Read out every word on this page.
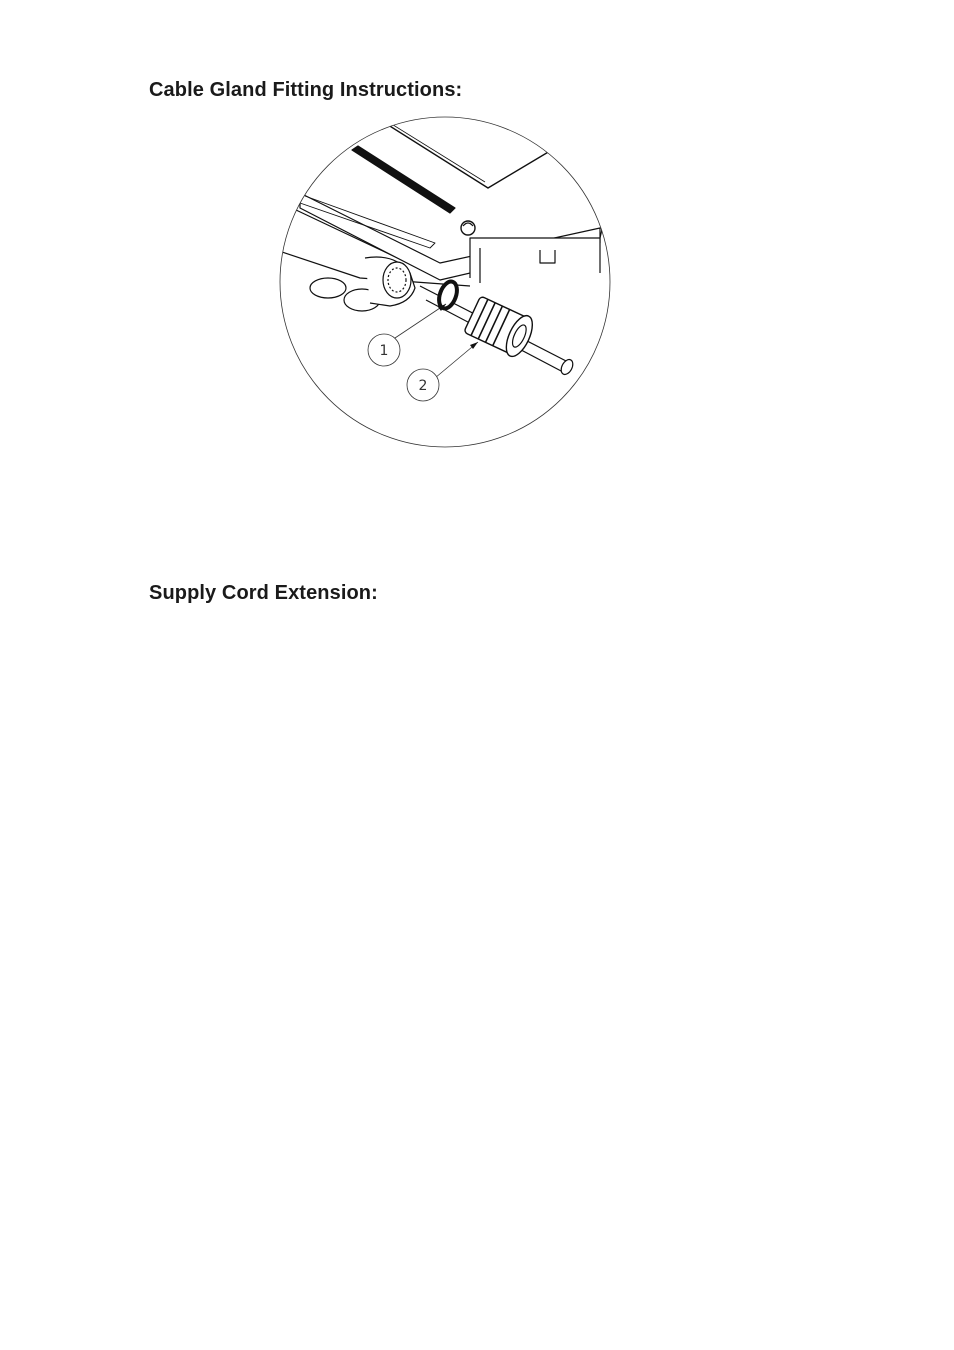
Cable Gland Fitting Instructions:
1
2
Supply Cord Extension:
